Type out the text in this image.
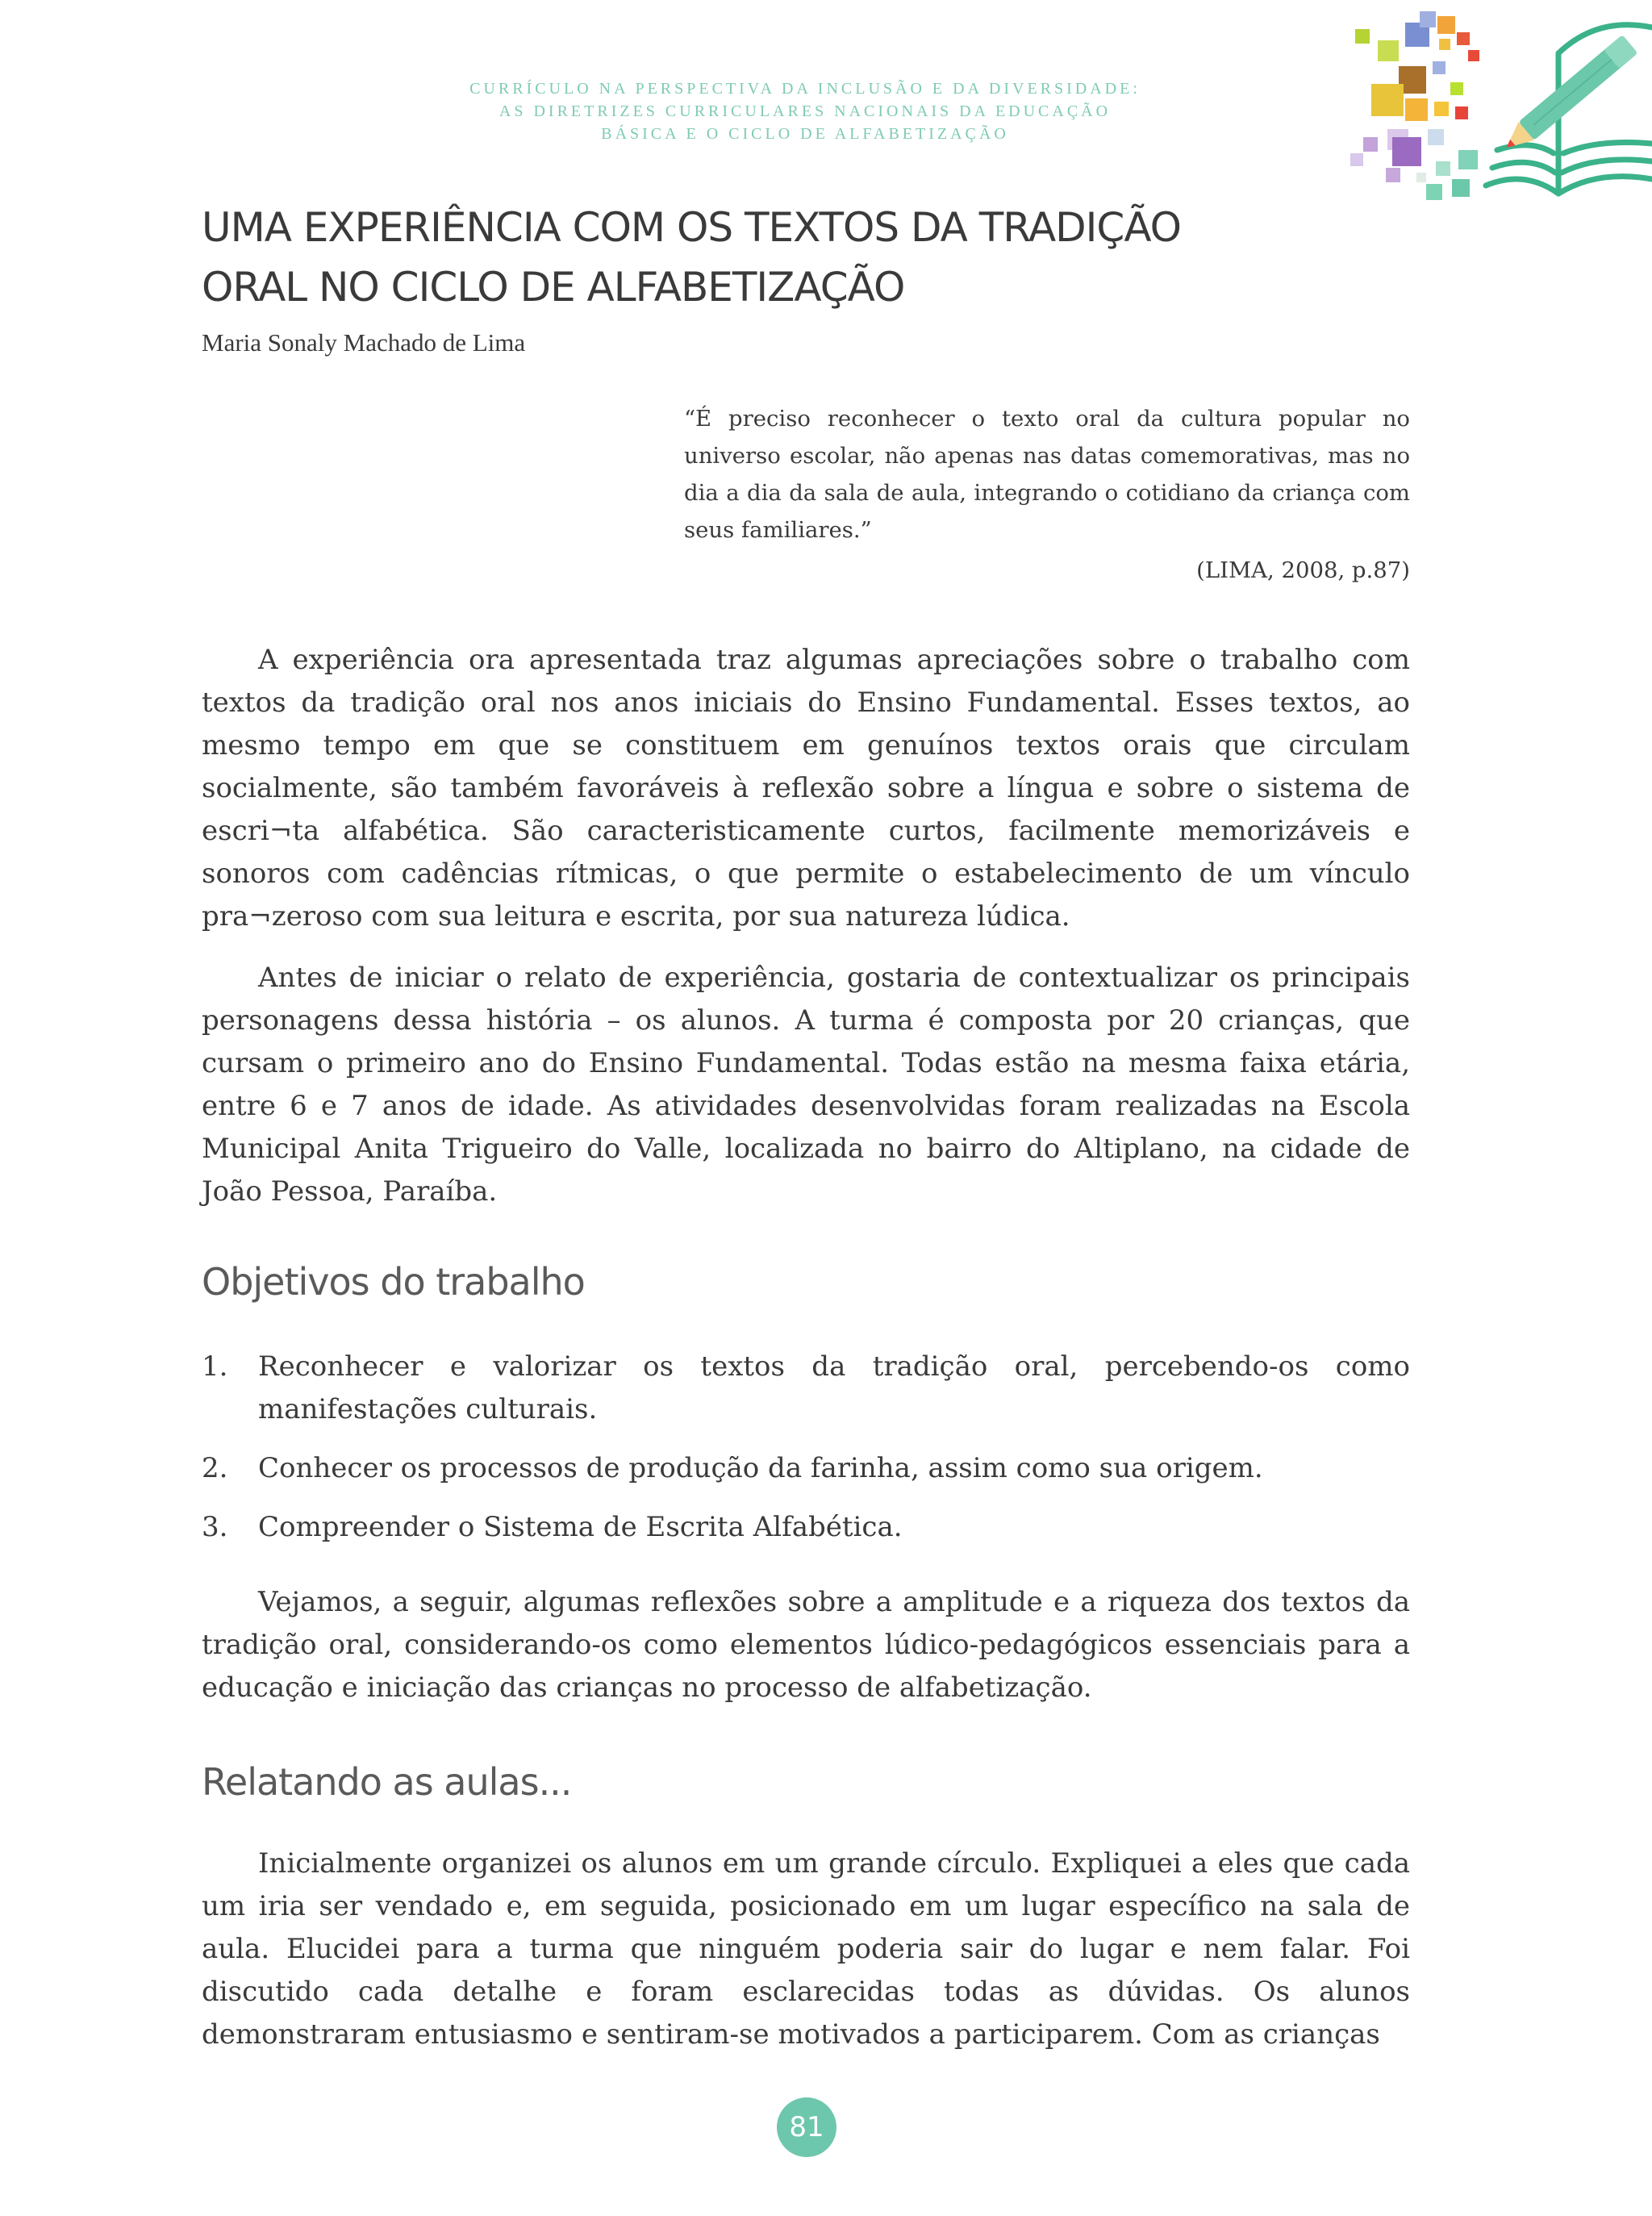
CURRÍCULO NA PERSPECTIVA DA INCLUSÃO E DA DIVERSIDADE:
AS DIRETRIZES CURRICULARES NACIONAIS DA EDUCAÇÃO
BÁSICA E O CICLO DE ALFABETIZAÇÃO
UMA EXPERIÊNCIA COM OS TEXTOS DA TRADIÇÃO
ORAL NO CICLO DE ALFABETIZAÇÃO
Maria Sonaly Machado de Lima

“É preciso reconhecer o texto oral da cultura popular no universo escolar, não apenas nas datas comemorativas, mas no dia a dia da sala de aula, integrando o cotidiano da criança com seus familiares.”

(LIMA, 2008, p.87)

A experiência ora apresentada traz algumas apreciações sobre o trabalho com textos da tradição oral nos anos iniciais do Ensino Fundamental. Esses textos, ao mesmo tempo em que se constituem em genuínos textos orais que circulam socialmente, são também favoráveis à reflexão sobre a língua e sobre o sistema de escri¬ta alfabética. São caracteristicamente curtos, facilmente memorizáveis e sonoros com cadências rítmicas, o que permite o estabelecimento de um vínculo pra¬zeroso com sua leitura e escrita, por sua natureza lúdica.

Antes de iniciar o relato de experiência, gostaria de contextualizar os principais personagens dessa história – os alunos. A turma é composta por 20 crianças, que cursam o primeiro ano do Ensino Fundamental. Todas estão na mesma faixa etária, entre 6 e 7 anos de idade. As atividades desenvolvidas foram realizadas na Escola Municipal Anita Trigueiro do Valle, localizada no bairro do Altiplano, na cidade de João Pessoa, Paraíba.

Objetivos do trabalho
1.	Reconhecer e valorizar os textos da tradição oral, percebendo-os como manifestações culturais.
2.	Conhecer os processos de produção da farinha, assim como sua origem.
3.	Compreender o Sistema de Escrita Alfabética.

Vejamos, a seguir, algumas reflexões sobre a amplitude e a riqueza dos textos da tradição oral, considerando-os como elementos lúdico-pedagógicos essenciais para a educação e iniciação das crianças no processo de alfabetização.

Relatando as aulas...

Inicialmente organizei os alunos em um grande círculo. Expliquei a eles que cada um iria ser vendado e, em seguida, posicionado em um lugar específico na sala de aula. Elucidei para a turma que ninguém poderia sair do lugar e nem falar. Foi discutido cada detalhe e foram esclarecidas todas as dúvidas. Os alunos demonstraram entusiasmo e sentiram-se motivados a participarem. Com as crianças

81
